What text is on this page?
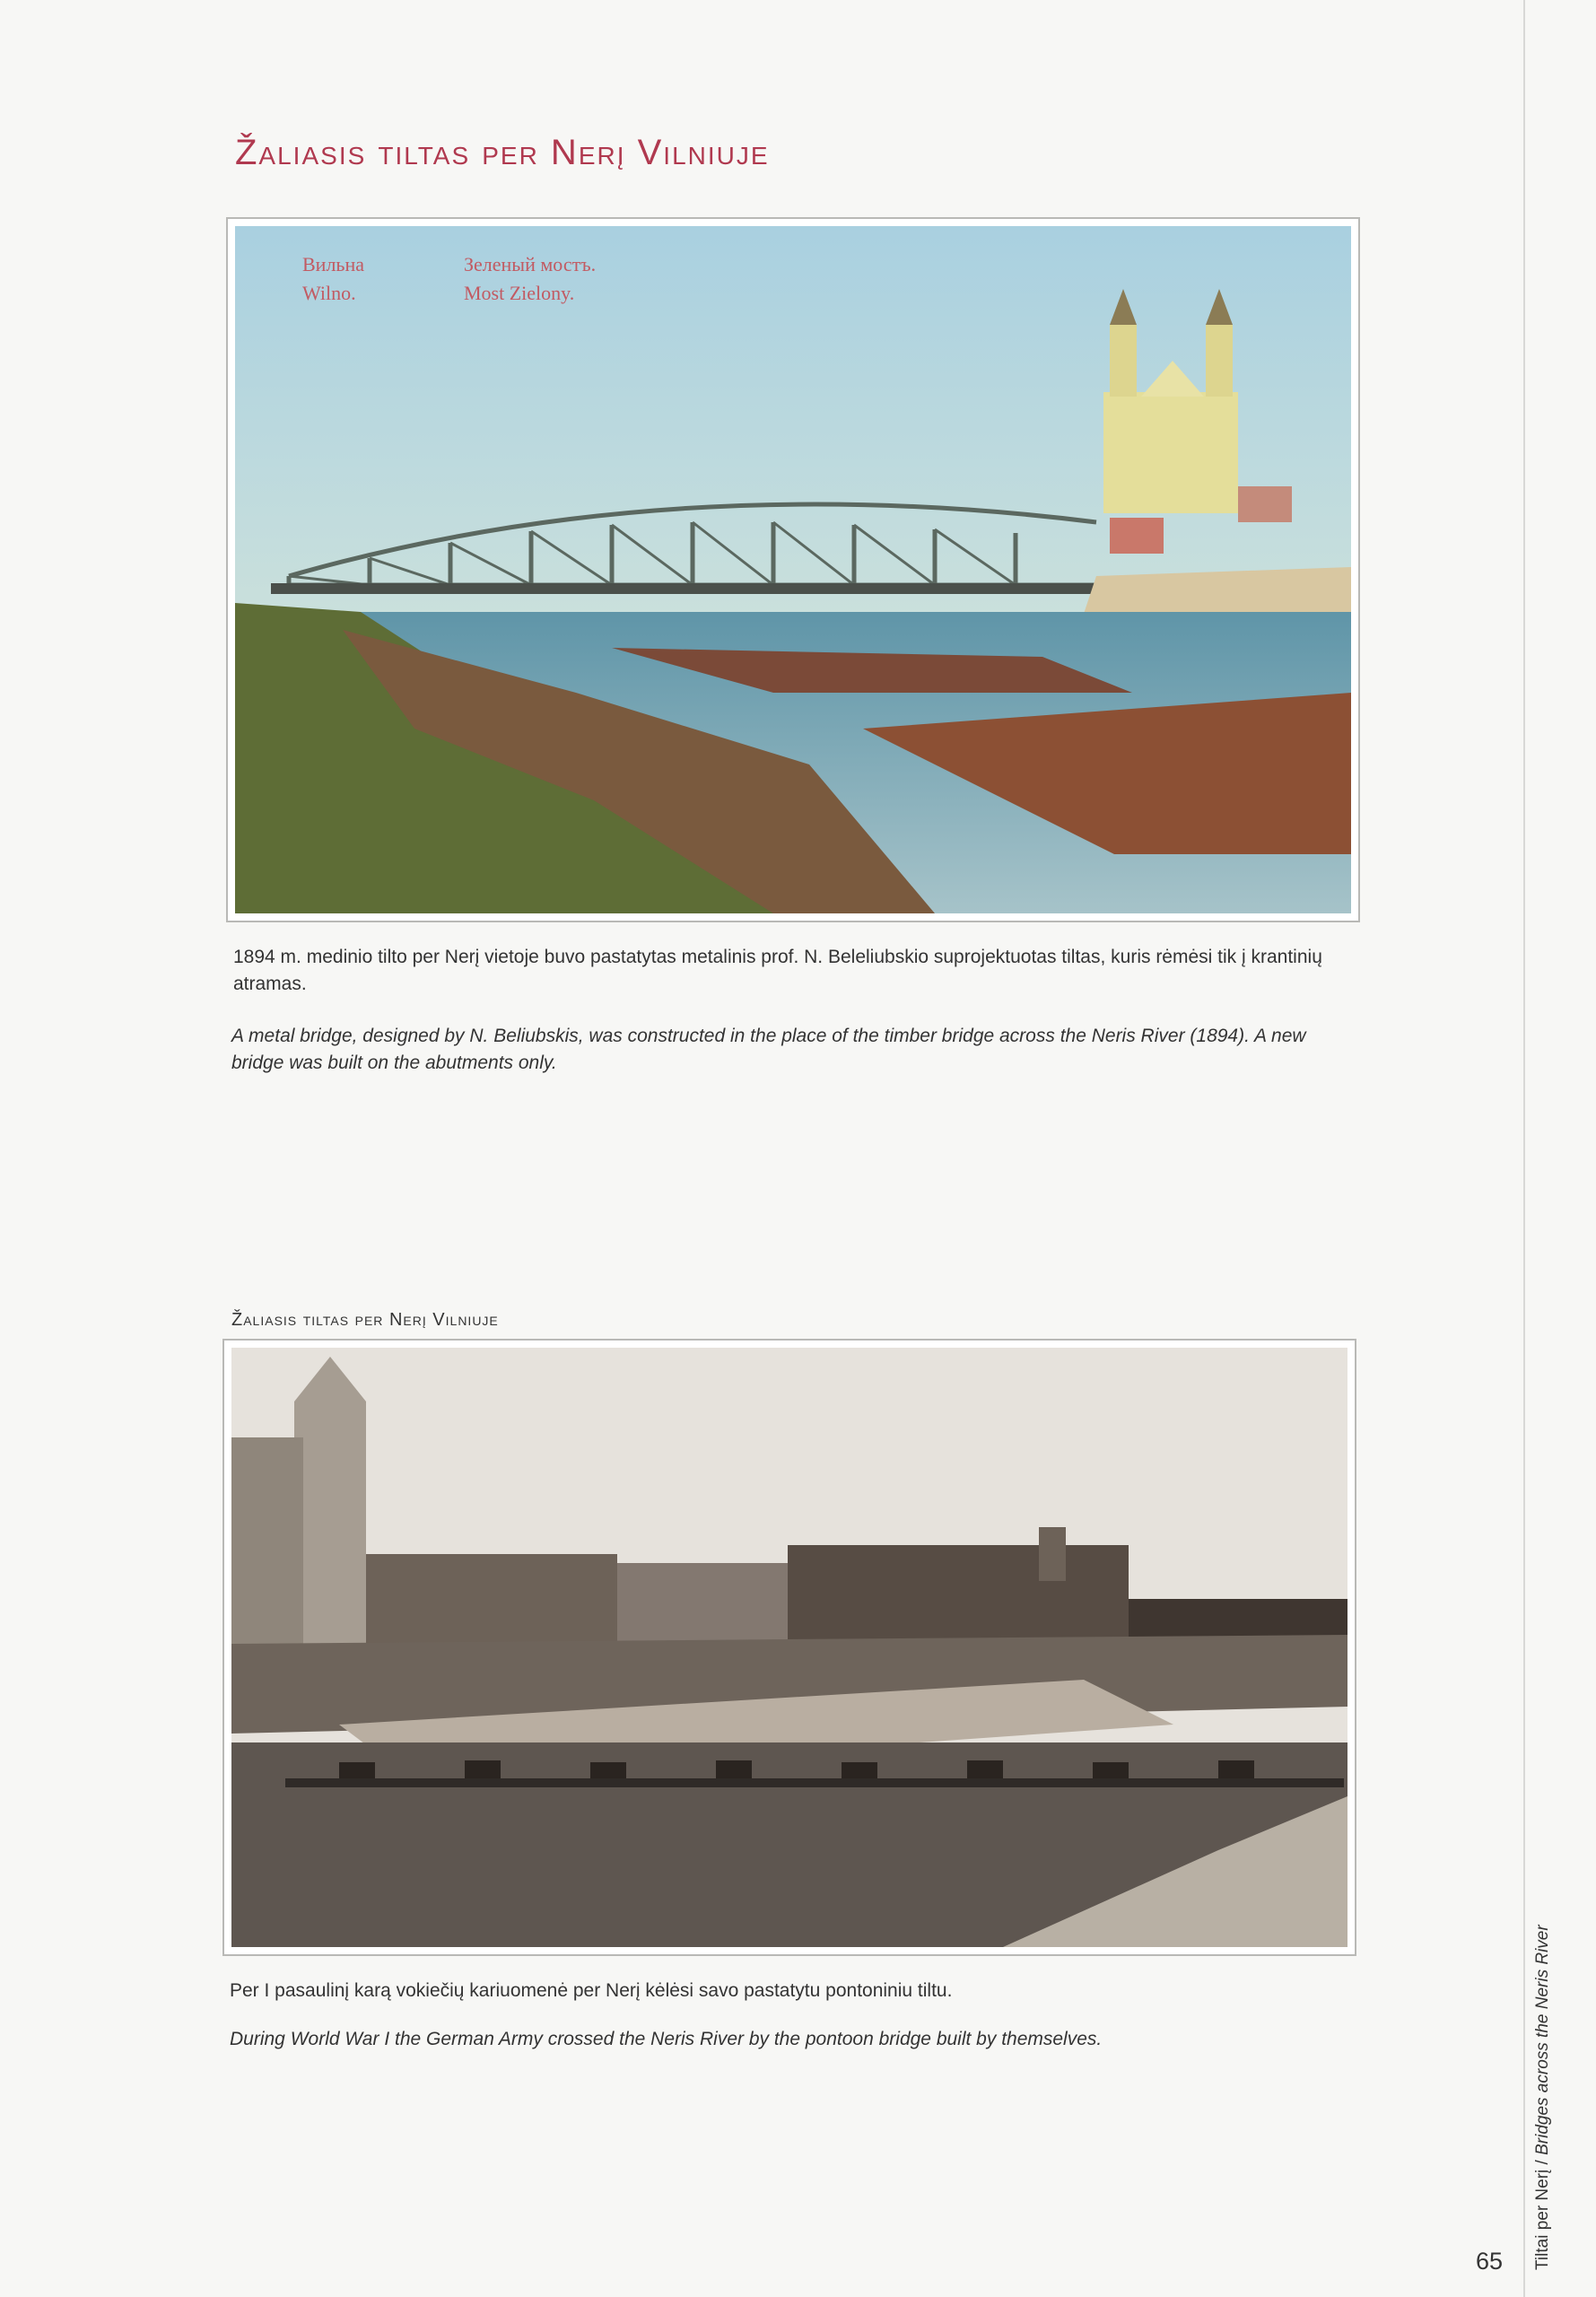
Žaliasis tiltas per Nerį Vilniuje
Вильна
Wilno.
Зеленый мостъ.
Most Zielony.
1894 m. medinio tilto per Nerį vietoje buvo pastatytas metalinis prof. N. Beleliubskio suprojektuotas tiltas, kuris rėmėsi tik į krantinių atramas.
A metal bridge, designed by N. Beliubskis, was constructed in the place of the timber bridge across the Neris River (1894). A new bridge was built on the abutments only.
Žaliasis tiltas per Nerį Vilniuje
Per I pasaulinį karą vokiečių kariuomenė per Nerį kėlėsi savo pastatytu pontoniniu tiltu.
During World War I the German Army crossed the Neris River by the pontoon bridge built by themselves.
Tiltai per Nerį / Bridges across the Neris River
65
